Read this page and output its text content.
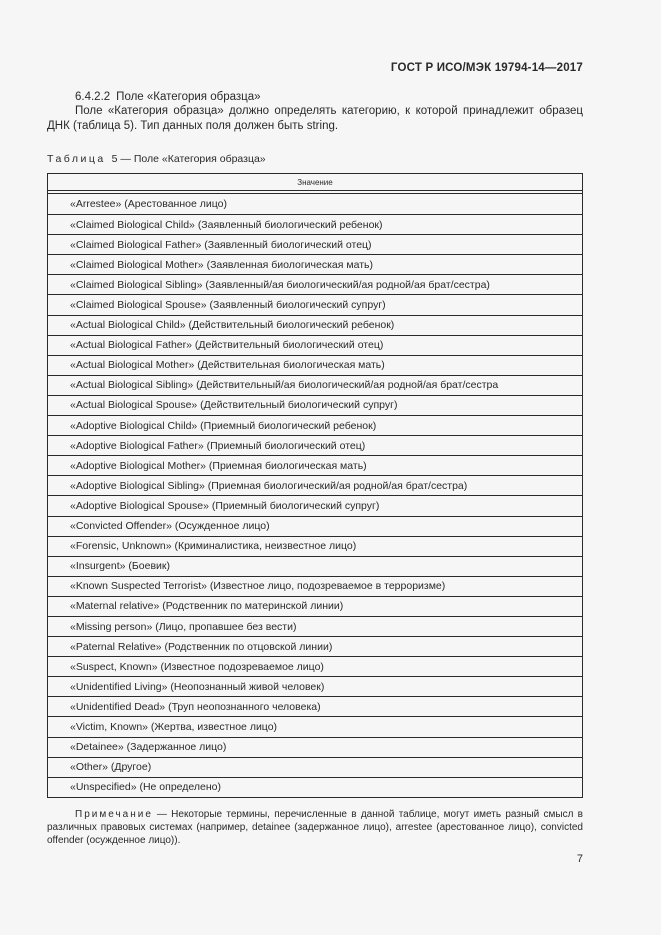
ГОСТ Р ИСО/МЭК 19794-14—2017
6.4.2.2 Поле «Категория образца»
Поле «Категория образца» должно определять категорию, к которой принадлежит образец ДНК (таблица 5). Тип данных поля должен быть string.
Таблица 5 — Поле «Категория образца»
Значение
«Arrestee» (Арестованное лицо)
«Claimed Biological Child» (Заявленный биологический ребенок)
«Claimed Biological Father» (Заявленный биологический отец)
«Claimed Biological Mother» (Заявленная биологическая мать)
«Claimed Biological Sibling» (Заявленный/ая биологический/ая родной/ая брат/сестра)
«Claimed Biological Spouse» (Заявленный биологический супруг)
«Actual Biological Child» (Действительный биологический ребенок)
«Actual Biological Father» (Действительный биологический отец)
«Actual Biological Mother» (Действительная биологическая мать)
«Actual Biological Sibling» (Действительный/ая биологический/ая родной/ая брат/сестра
«Actual Biological Spouse» (Действительный биологический супруг)
«Adoptive Biological Child» (Приемный биологический ребенок)
«Adoptive Biological Father» (Приемный биологический отец)
«Adoptive Biological Mother» (Приемная биологическая мать)
«Adoptive Biological Sibling» (Приемная биологический/ая родной/ая брат/сестра)
«Adoptive Biological Spouse» (Приемный биологический супруг)
«Convicted Offender» (Осужденное лицо)
«Forensic, Unknown» (Криминалистика, неизвестное лицо)
«Insurgent» (Боевик)
«Known Suspected Terrorist» (Известное лицо, подозреваемое в терроризме)
«Maternal relative» (Родственник по материнской линии)
«Missing person» (Лицо, пропавшее без вести)
«Paternal Relative» (Родственник по отцовской линии)
«Suspect, Known» (Известное подозреваемое лицо)
«Unidentified Living» (Неопознанный живой человек)
«Unidentified Dead» (Труп неопознанного человека)
«Victim, Known» (Жертва, известное лицо)
«Detainee» (Задержанное лицо)
«Other» (Другое)
«Unspecified» (Не определено)
Примечание — Некоторые термины, перечисленные в данной таблице, могут иметь разный смысл в различных правовых системах (например, detainee (задержанное лицо), arrestee (арестованное лицо), convicted offender (осужденное лицо)).
7
